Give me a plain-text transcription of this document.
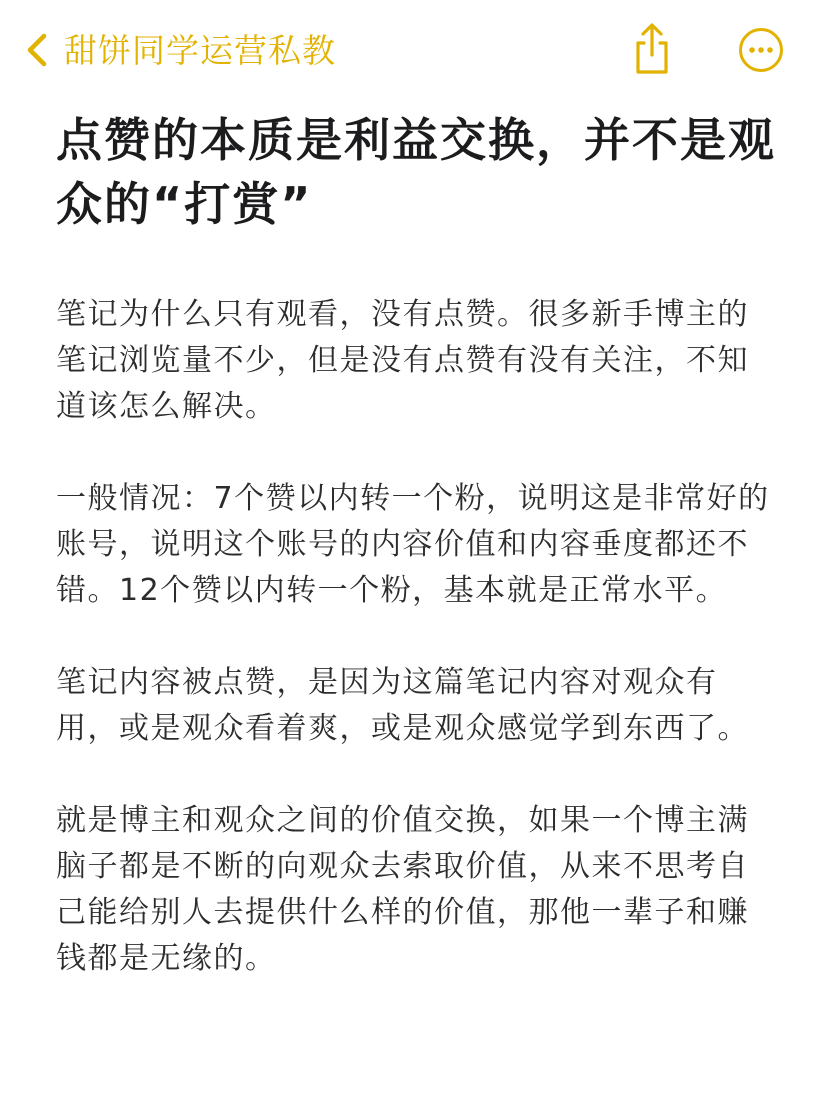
甜饼同学运营私教
点赞的本质是利益交换，并不是观众的“打赏”

笔记为什么只有观看，没有点赞。很多新手博主的笔记浏览量不少，但是没有点赞有没有关注，不知道该怎么解决。

一般情况：7个赞以内转一个粉，说明这是非常好的账号，说明这个账号的内容价值和内容垂度都还不错。12个赞以内转一个粉，基本就是正常水平。

笔记内容被点赞，是因为这篇笔记内容对观众有用，或是观众看着爽，或是观众感觉学到东西了。

就是博主和观众之间的价值交换，如果一个博主满脑子都是不断的向观众去索取价值，从来不思考自己能给别人去提供什么样的价值，那他一辈子和赚钱都是无缘的。
